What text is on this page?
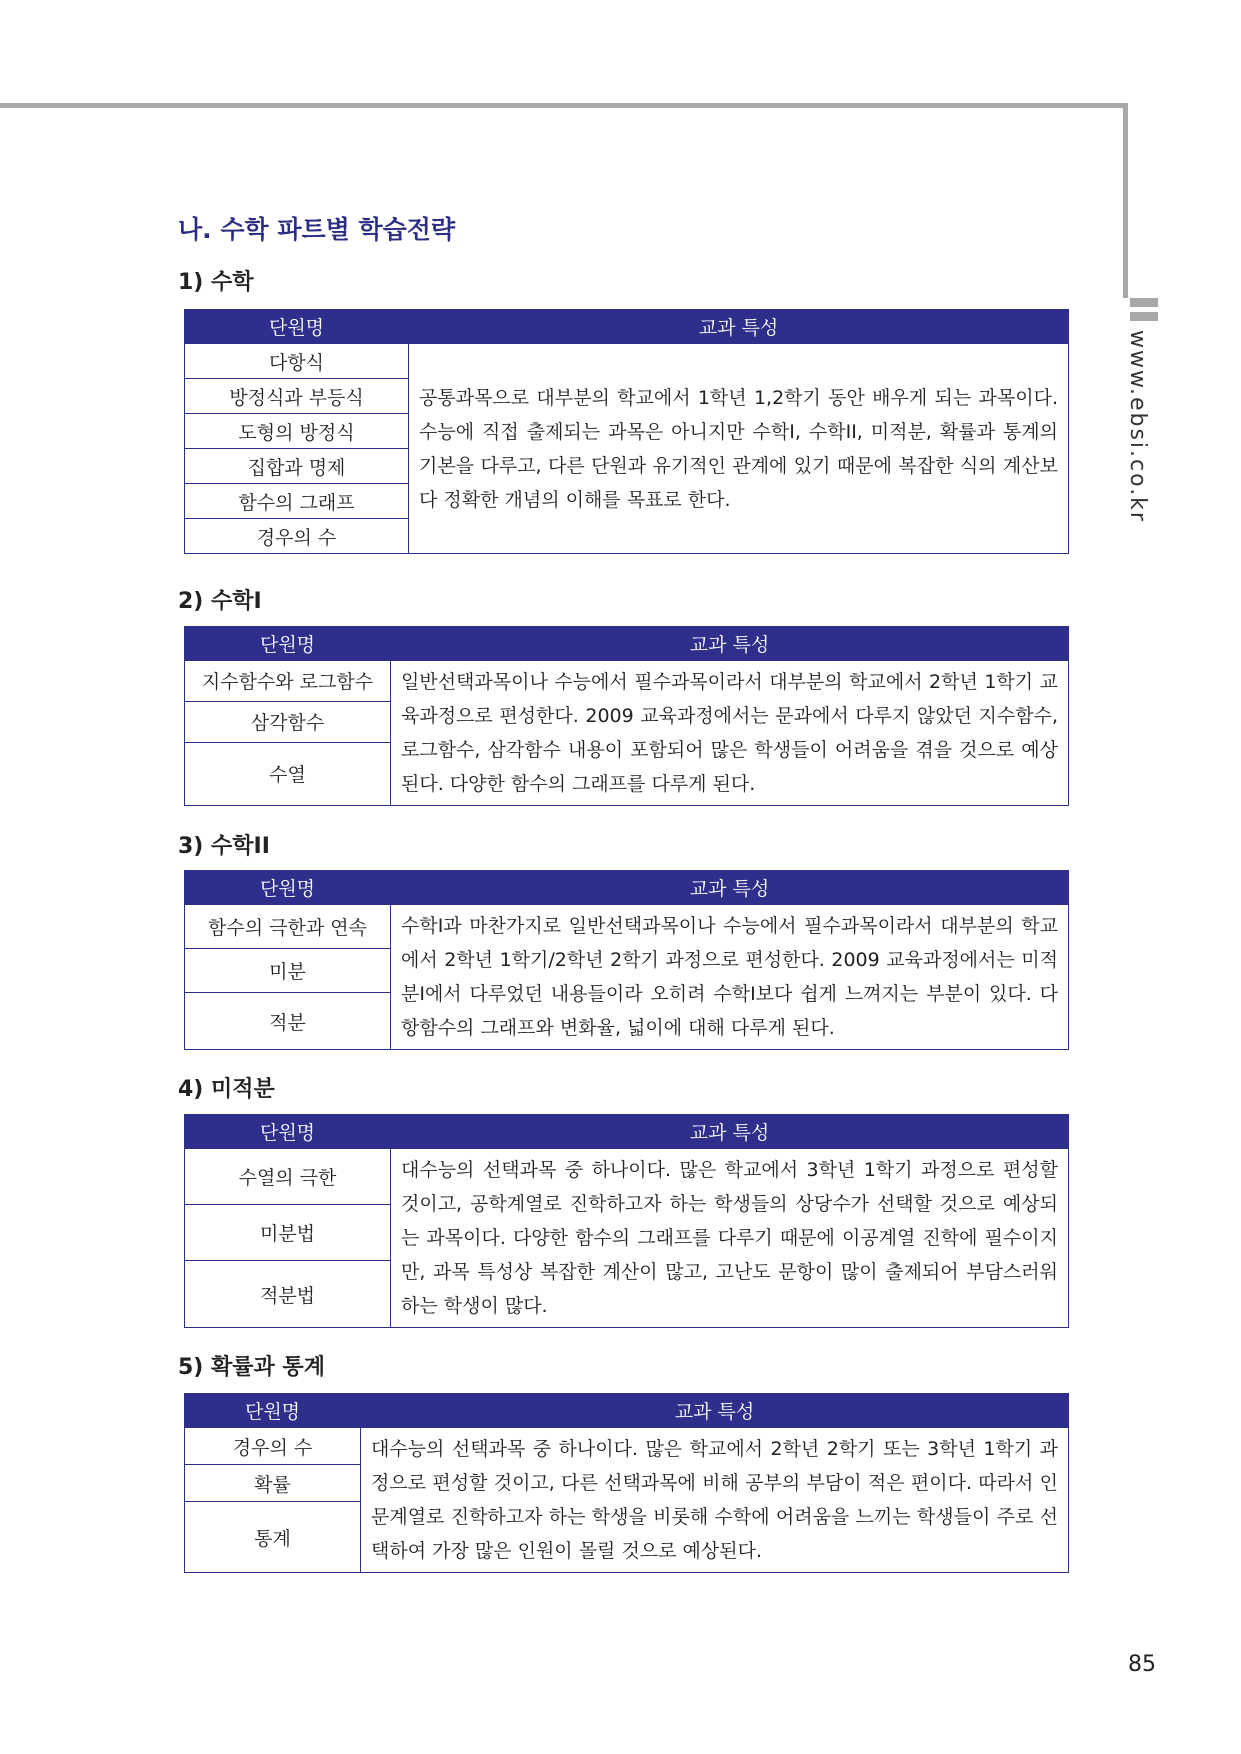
www.ebsi.co.kr
나. 수학 파트별 학습전략
1) 수학
단원명	교과 특성
다항식	공통과목으로 대부분의 학교에서 1학년 1,2학기 동안 배우게 되는 과목이다. 수능에 직접 출제되는 과목은 아니지만 수학I, 수학II, 미적분, 확률과 통계의 기본을 다루고, 다른 단원과 유기적인 관계에 있기 때문에 복잡한 식의 계산보다 정확한 개념의 이해를 목표로 한다.
방정식과 부등식	
도형의 방정식	
집합과 명제	
함수의 그래프	
경우의 수	
2) 수학I
단원명	교과 특성
지수함수와 로그함수	일반선택과목이나 수능에서 필수과목이라서 대부분의 학교에서 2학년 1학기 교육과정으로 편성한다. 2009 교육과정에서는 문과에서 다루지 않았던 지수함수, 로그함수, 삼각함수 내용이 포함되어 많은 학생들이 어려움을 겪을 것으로 예상된다. 다양한 함수의 그래프를 다루게 된다.
삼각함수	
수열	
3) 수학II
단원명	교과 특성
함수의 극한과 연속	수학I과 마찬가지로 일반선택과목이나 수능에서 필수과목이라서 대부분의 학교에서 2학년 1학기/2학년 2학기 과정으로 편성한다. 2009 교육과정에서는 미적분I에서 다루었던 내용들이라 오히려 수학I보다 쉽게 느껴지는 부분이 있다. 다항함수의 그래프와 변화율, 넓이에 대해 다루게 된다.
미분	
적분	
4) 미적분
단원명	교과 특성
수열의 극한	대수능의 선택과목 중 하나이다. 많은 학교에서 3학년 1학기 과정으로 편성할 것이고, 공학계열로 진학하고자 하는 학생들의 상당수가 선택할 것으로 예상되는 과목이다. 다양한 함수의 그래프를 다루기 때문에 이공계열 진학에 필수이지만, 과목 특성상 복잡한 계산이 많고, 고난도 문항이 많이 출제되어 부담스러워하는 학생이 많다.
미분법	
적분법	
5) 확률과 통계
단원명	교과 특성
경우의 수	대수능의 선택과목 중 하나이다. 많은 학교에서 2학년 2학기 또는 3학년 1학기 과정으로 편성할 것이고, 다른 선택과목에 비해 공부의 부담이 적은 편이다. 따라서 인문계열로 진학하고자 하는 학생을 비롯해 수학에 어려움을 느끼는 학생들이 주로 선택하여 가장 많은 인원이 몰릴 것으로 예상된다.
확률	
통계	
85
